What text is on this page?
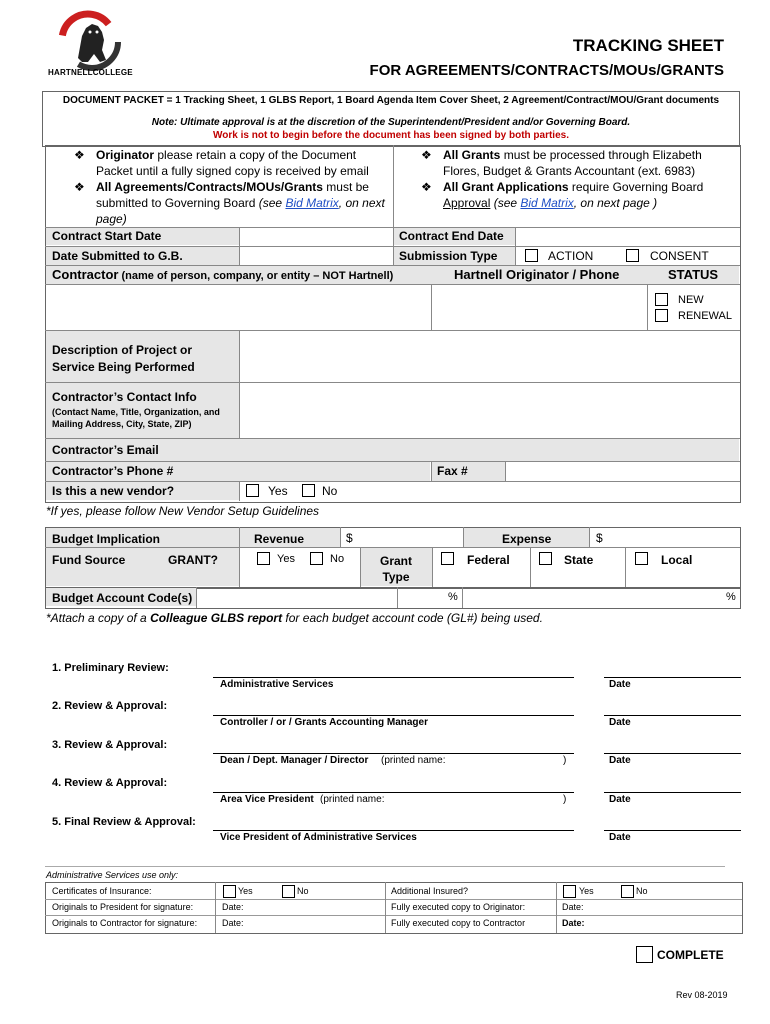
HARTNELLCOLLEGE
TRACKING SHEET
FOR AGREEMENTS/CONTRACTS/MOUs/GRANTS
DOCUMENT PACKET = 1 Tracking Sheet, 1 GLBS Report, 1 Board Agenda Item Cover Sheet, 2 Agreement/Contract/MOU/Grant documents
Note: Ultimate approval is at the discretion of the Superintendent/President and/or Governing Board.
Work is not to begin before the document has been signed by both parties.
❖ Originator please retain a copy of the Document Packet until a fully signed copy is received by email
❖ All Agreements/Contracts/MOUs/Grants must be submitted to Governing Board (see Bid Matrix, on next page)
❖ All Grants must be processed through Elizabeth Flores, Budget & Grants Accountant (ext. 6983)
❖ All Grant Applications require Governing Board Approval (see Bid Matrix, on next page )
Contract Start Date	Contract End Date
Date Submitted to G.B.	Submission Type	ACTION	CONSENT
Contractor (name of person, company, or entity – NOT Hartnell)	Hartnell Originator / Phone	STATUS
NEW
RENEWAL
Description of Project or
Service Being Performed
Contractor’s Contact Info
(Contact Name, Title, Organization, and
Mailing Address, City, State, ZIP)
Contractor’s Email
Contractor’s Phone #	Fax #
Is this a new vendor?	Yes	No
*If yes, please follow New Vendor Setup Guidelines
Budget Implication	Revenue	$	Expense	$
Fund Source	GRANT?	Yes	No	Grant
Type
Federal	State	Local
Budget Account Code(s)	%	%
*Attach a copy of a Colleague GLBS report for each budget account code (GL#) being used.
1. Preliminary Review:
Administrative Services	Date
2. Review & Approval:
Controller / or / Grants Accounting Manager	Date
3. Review & Approval:
Dean / Dept. Manager / Director (printed name:	)	Date
4. Review & Approval:
Area Vice President (printed name:	)	Date
5. Final Review & Approval:
Vice President of Administrative Services	Date
Administrative Services use only:
Certificates of Insurance:	Yes	No	Additional Insured?	Yes	No
Originals to President for signature:	Date:	Fully executed copy to Originator:	Date:
Originals to Contractor for signature:	Date:	Fully executed copy to Contractor	Date:
COMPLETE
Rev 08-2019
